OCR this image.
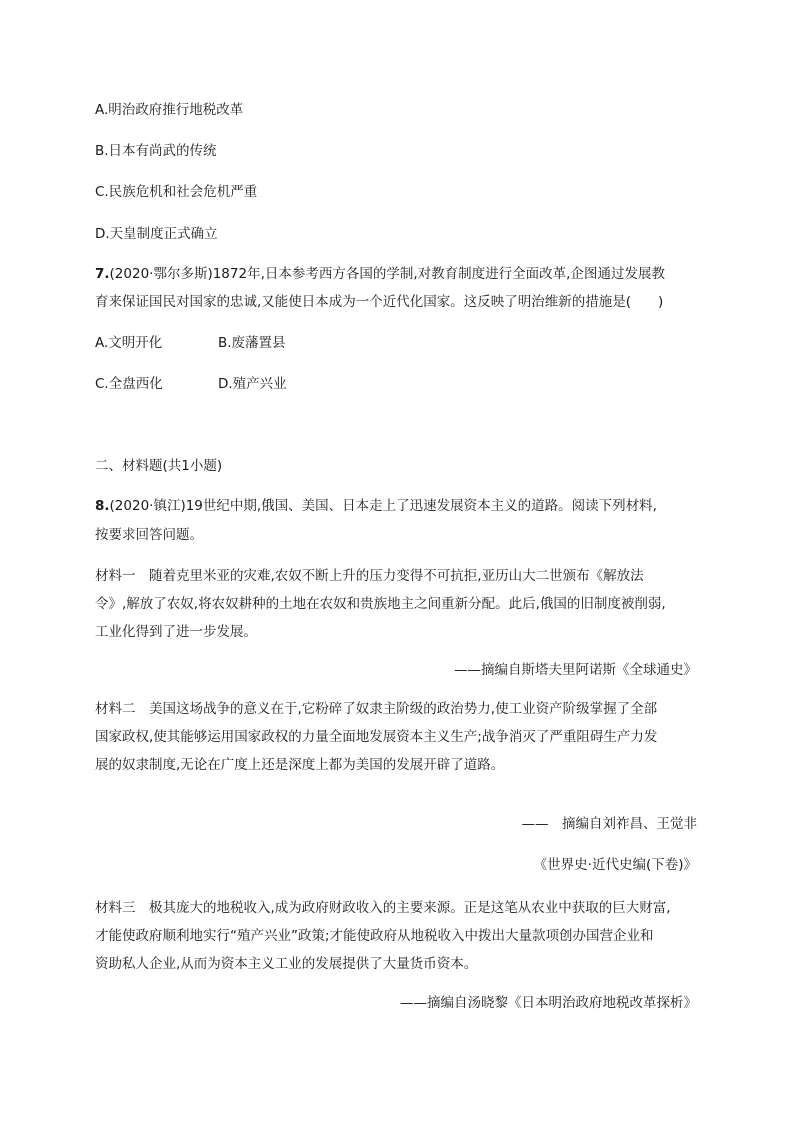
A.明治政府推行地税改革
B.日本有尚武的传统
C.民族危机和社会危机严重
D.天皇制度正式确立
7.(2020·鄂尔多斯)1872年,日本参考西方各国的学制,对教育制度进行全面改革,企图通过发展教
育来保证国民对国家的忠诚,又能使日本成为一个近代化国家。这反映了明治维新的措施是(　　)
A.文明开化	B.废藩置县
C.全盘西化	D.殖产兴业
二、材料题(共1小题)
8.(2020·镇江)19世纪中期,俄国、美国、日本走上了迅速发展资本主义的道路。阅读下列材料,
按要求回答问题。
材料一　随着克里米亚的灾难,农奴不断上升的压力变得不可抗拒,亚历山大二世颁布《解放法
令》,解放了农奴,将农奴耕种的土地在农奴和贵族地主之间重新分配。此后,俄国的旧制度被削弱,
工业化得到了进一步发展。
——摘编自斯塔夫里阿诺斯《全球通史》
材料二　美国这场战争的意义在于,它粉碎了奴隶主阶级的政治势力,使工业资产阶级掌握了全部
国家政权,使其能够运用国家政权的力量全面地发展资本主义生产;战争消灭了严重阻碍生产力发
展的奴隶制度,无论在广度上还是深度上都为美国的发展开辟了道路。
——　摘编自刘祚昌、王觉非
《世界史·近代史编(下卷)》
材料三　极其庞大的地税收入,成为政府财政收入的主要来源。正是这笔从农业中获取的巨大财富,
才能使政府顺利地实行“殖产兴业”政策;才能使政府从地税收入中拨出大量款项创办国营企业和
资助私人企业,从而为资本主义工业的发展提供了大量货币资本。
——摘编自汤晓黎《日本明治政府地税改革探析》
